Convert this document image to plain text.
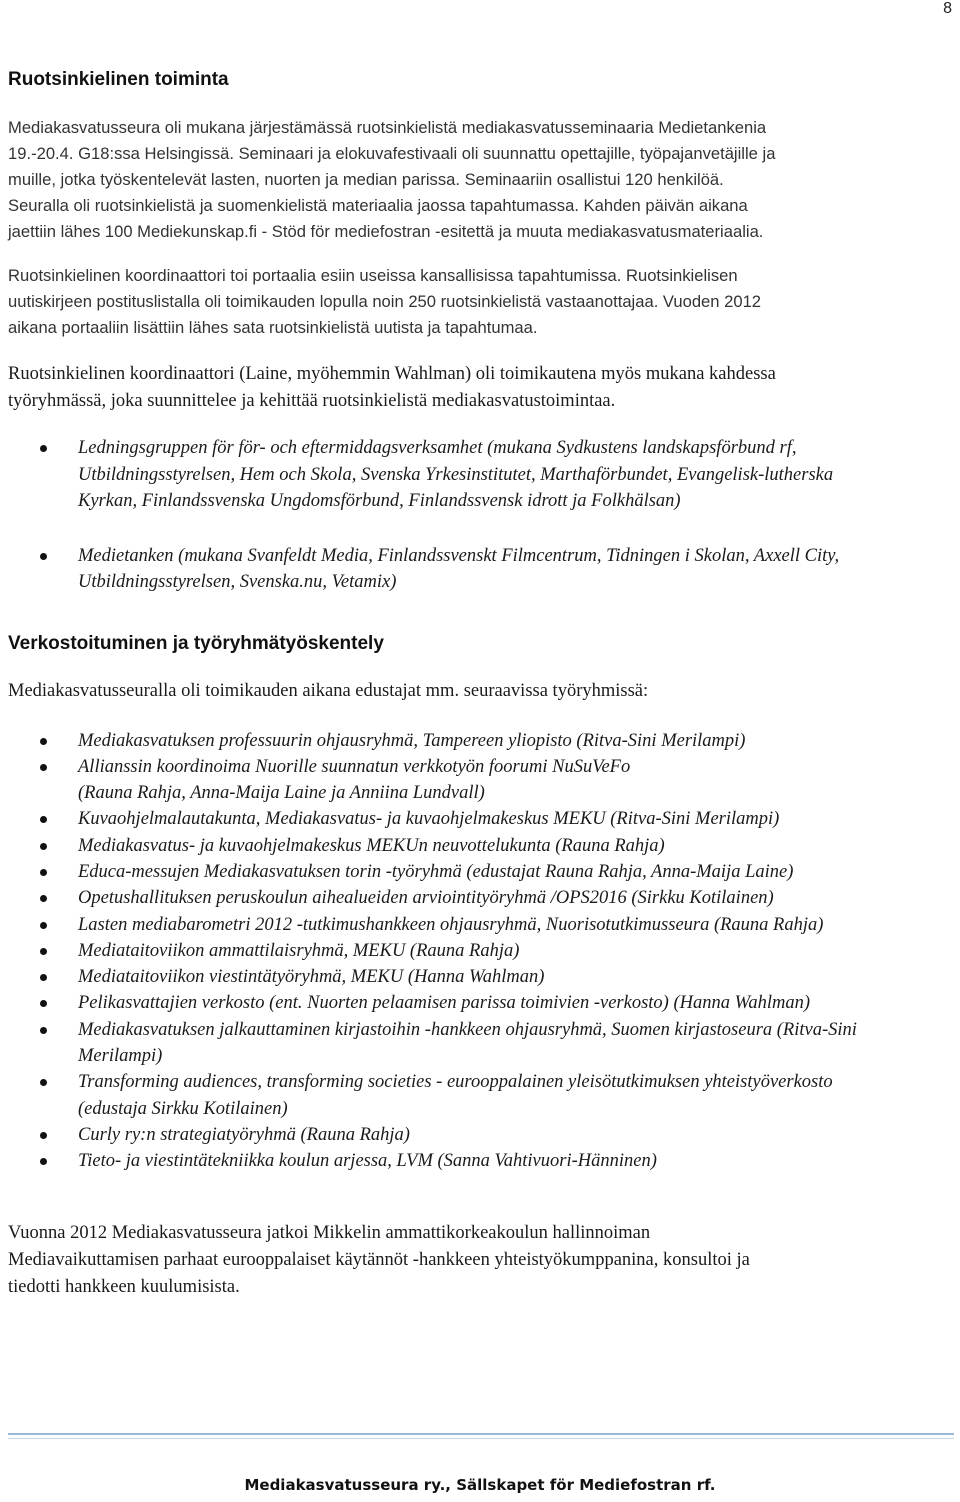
8
Ruotsinkielinen toiminta

Mediakasvatusseura oli mukana järjestämässä ruotsinkielistä mediakasvatusseminaaria Medietankenia
19.-20.4. G18:ssa Helsingissä. Seminaari ja elokuvafestivaali oli suunnattu opettajille, työpajanvetäjille ja
muille, jotka työskentelevät lasten, nuorten ja median parissa. Seminaariin osallistui 120 henkilöä.
Seuralla oli ruotsinkielistä ja suomenkielistä materiaalia jaossa tapahtumassa. Kahden päivän aikana
jaettiin lähes 100 Mediekunskap.fi - Stöd för mediefostran -esitettä ja muuta mediakasvatusmateriaalia.

Ruotsinkielinen koordinaattori toi portaalia esiin useissa kansallisissa tapahtumissa. Ruotsinkielisen
uutiskirjeen postituslistalla oli toimikauden lopulla noin 250 ruotsinkielistä vastaanottajaa. Vuoden 2012
aikana portaaliin lisättiin lähes sata ruotsinkielistä uutista ja tapahtumaa.

Ruotsinkielinen koordinaattori (Laine, myöhemmin Wahlman) oli toimikautena myös mukana kahdessa
työryhmässä, joka suunnittelee ja kehittää ruotsinkielistä mediakasvatustoimintaa.

Ledningsgruppen för för- och eftermiddagsverksamhet (mukana Sydkustens landskapsförbund rf,
Utbildningsstyrelsen, Hem och Skola, Svenska Yrkesinstitutet, Marthaförbundet, Evangelisk-lutherska
Kyrkan, Finlandssvenska Ungdomsförbund, Finlandssvensk idrott ja Folkhälsan)
Medietanken (mukana Svanfeldt Media, Finlandssvenskt Filmcentrum, Tidningen i Skolan, Axxell City,
Utbildningsstyrelsen, Svenska.nu, Vetamix)
Verkostoituminen ja työryhmätyöskentely

Mediakasvatusseuralla oli toimikauden aikana edustajat mm. seuraavissa työryhmissä:

Mediakasvatuksen professuurin ohjausryhmä, Tampereen yliopisto (Ritva-Sini Merilampi)
Allianssin koordinoima Nuorille suunnatun verkkotyön foorumi NuSuVeFo
(Rauna Rahja, Anna-Maija Laine ja Anniina Lundvall)
Kuvaohjelmalautakunta, Mediakasvatus- ja kuvaohjelmakeskus MEKU (Ritva-Sini Merilampi)
Mediakasvatus- ja kuvaohjelmakeskus MEKUn neuvottelukunta (Rauna Rahja)
Educa-messujen Mediakasvatuksen torin -työryhmä (edustajat Rauna Rahja, Anna-Maija Laine)
Opetushallituksen peruskoulun aihealueiden arviointityöryhmä /OPS2016 (Sirkku Kotilainen)
Lasten mediabarometri 2012 -tutkimushankkeen ohjausryhmä, Nuorisotutkimusseura (Rauna Rahja)
Mediataitoviikon ammattilaisryhmä, MEKU (Rauna Rahja)
Mediataitoviikon viestintätyöryhmä, MEKU (Hanna Wahlman)
Pelikasvattajien verkosto (ent. Nuorten pelaamisen parissa toimivien -verkosto) (Hanna Wahlman)
Mediakasvatuksen jalkauttaminen kirjastoihin -hankkeen ohjausryhmä, Suomen kirjastoseura (Ritva-Sini
Merilampi)
Transforming audiences, transforming societies - eurooppalainen yleisötutkimuksen yhteistyöverkosto
(edustaja Sirkku Kotilainen)
Curly ry:n strategiatyöryhmä (Rauna Rahja)
Tieto- ja viestintätekniikka koulun arjessa, LVM (Sanna Vahtivuori-Hänninen)

Vuonna 2012 Mediakasvatusseura jatkoi Mikkelin ammattikorkeakoulun hallinnoiman
Mediavaikuttamisen parhaat eurooppalaiset käytännöt -hankkeen yhteistyökumppanina, konsultoi ja
tiedotti hankkeen kuulumisista.

Mediakasvatusseura ry., Sällskapet för Mediefostran rf.
